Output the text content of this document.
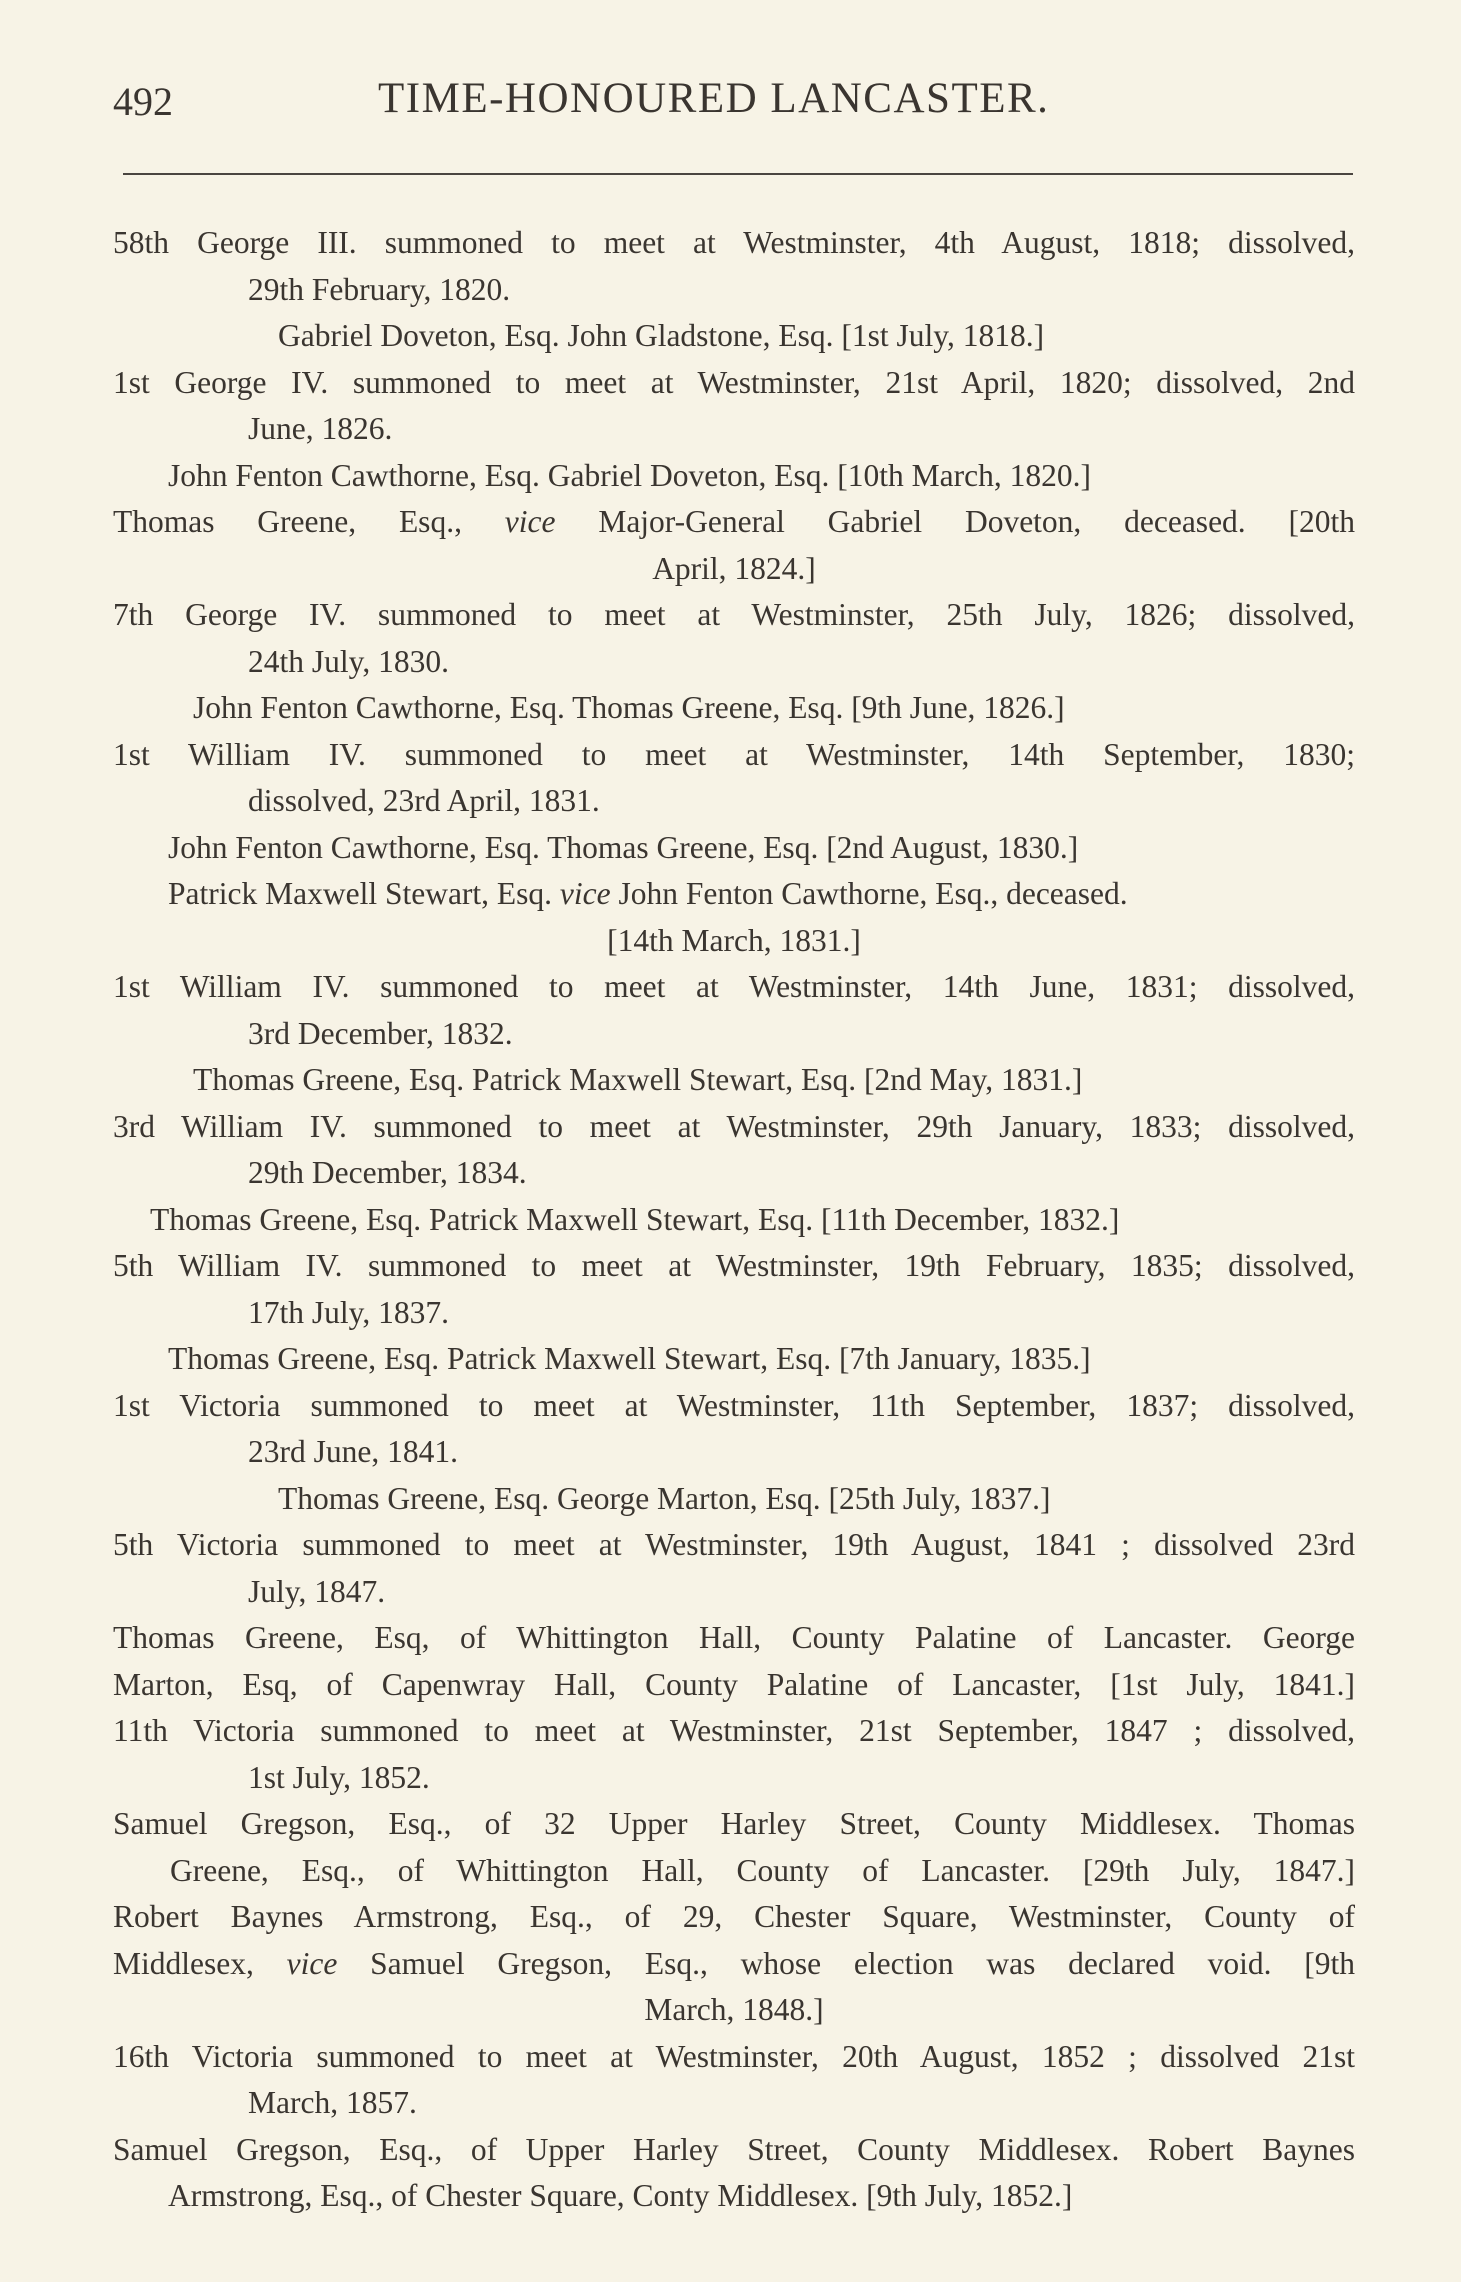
492	TIME-HONOURED LANCASTER.
58th George III. summoned to meet at Westminster, 4th August, 1818; dissolved,
29th February, 1820.
Gabriel Doveton, Esq. John Gladstone, Esq. [1st July, 1818.]
1st George IV. summoned to meet at Westminster, 21st April, 1820; dissolved, 2nd
June, 1826.
John Fenton Cawthorne, Esq. Gabriel Doveton, Esq. [10th March, 1820.]
Thomas Greene, Esq., vice Major-General Gabriel Doveton, deceased. [20th
April, 1824.]
7th George IV. summoned to meet at Westminster, 25th July, 1826; dissolved,
24th July, 1830.
John Fenton Cawthorne, Esq. Thomas Greene, Esq. [9th June, 1826.]
1st William IV. summoned to meet at Westminster, 14th September, 1830;
dissolved, 23rd April, 1831.
John Fenton Cawthorne, Esq. Thomas Greene, Esq. [2nd August, 1830.]
Patrick Maxwell Stewart, Esq. vice John Fenton Cawthorne, Esq., deceased.
[14th March, 1831.]
1st William IV. summoned to meet at Westminster, 14th June, 1831; dissolved,
3rd December, 1832.
Thomas Greene, Esq. Patrick Maxwell Stewart, Esq. [2nd May, 1831.]
3rd William IV. summoned to meet at Westminster, 29th January, 1833; dissolved,
29th December, 1834.
Thomas Greene, Esq. Patrick Maxwell Stewart, Esq. [11th December, 1832.]
5th William IV. summoned to meet at Westminster, 19th February, 1835; dissolved,
17th July, 1837.
Thomas Greene, Esq. Patrick Maxwell Stewart, Esq. [7th January, 1835.]
1st Victoria summoned to meet at Westminster, 11th September, 1837; dissolved,
23rd June, 1841.
Thomas Greene, Esq. George Marton, Esq. [25th July, 1837.]
5th Victoria summoned to meet at Westminster, 19th August, 1841 ; dissolved 23rd
July, 1847.
Thomas Greene, Esq, of Whittington Hall, County Palatine of Lancaster. George
Marton, Esq, of Capenwray Hall, County Palatine of Lancaster, [1st July, 1841.]
11th Victoria summoned to meet at Westminster, 21st September, 1847 ; dissolved,
1st July, 1852.
Samuel Gregson, Esq., of 32 Upper Harley Street, County Middlesex. Thomas
Greene, Esq., of Whittington Hall, County of Lancaster. [29th July, 1847.]
Robert Baynes Armstrong, Esq., of 29, Chester Square, Westminster, County of
Middlesex, vice Samuel Gregson, Esq., whose election was declared void. [9th
March, 1848.]
16th Victoria summoned to meet at Westminster, 20th August, 1852 ; dissolved 21st
March, 1857.
Samuel Gregson, Esq., of Upper Harley Street, County Middlesex. Robert Baynes
Armstrong, Esq., of Chester Square, Conty Middlesex. [9th July, 1852.]
